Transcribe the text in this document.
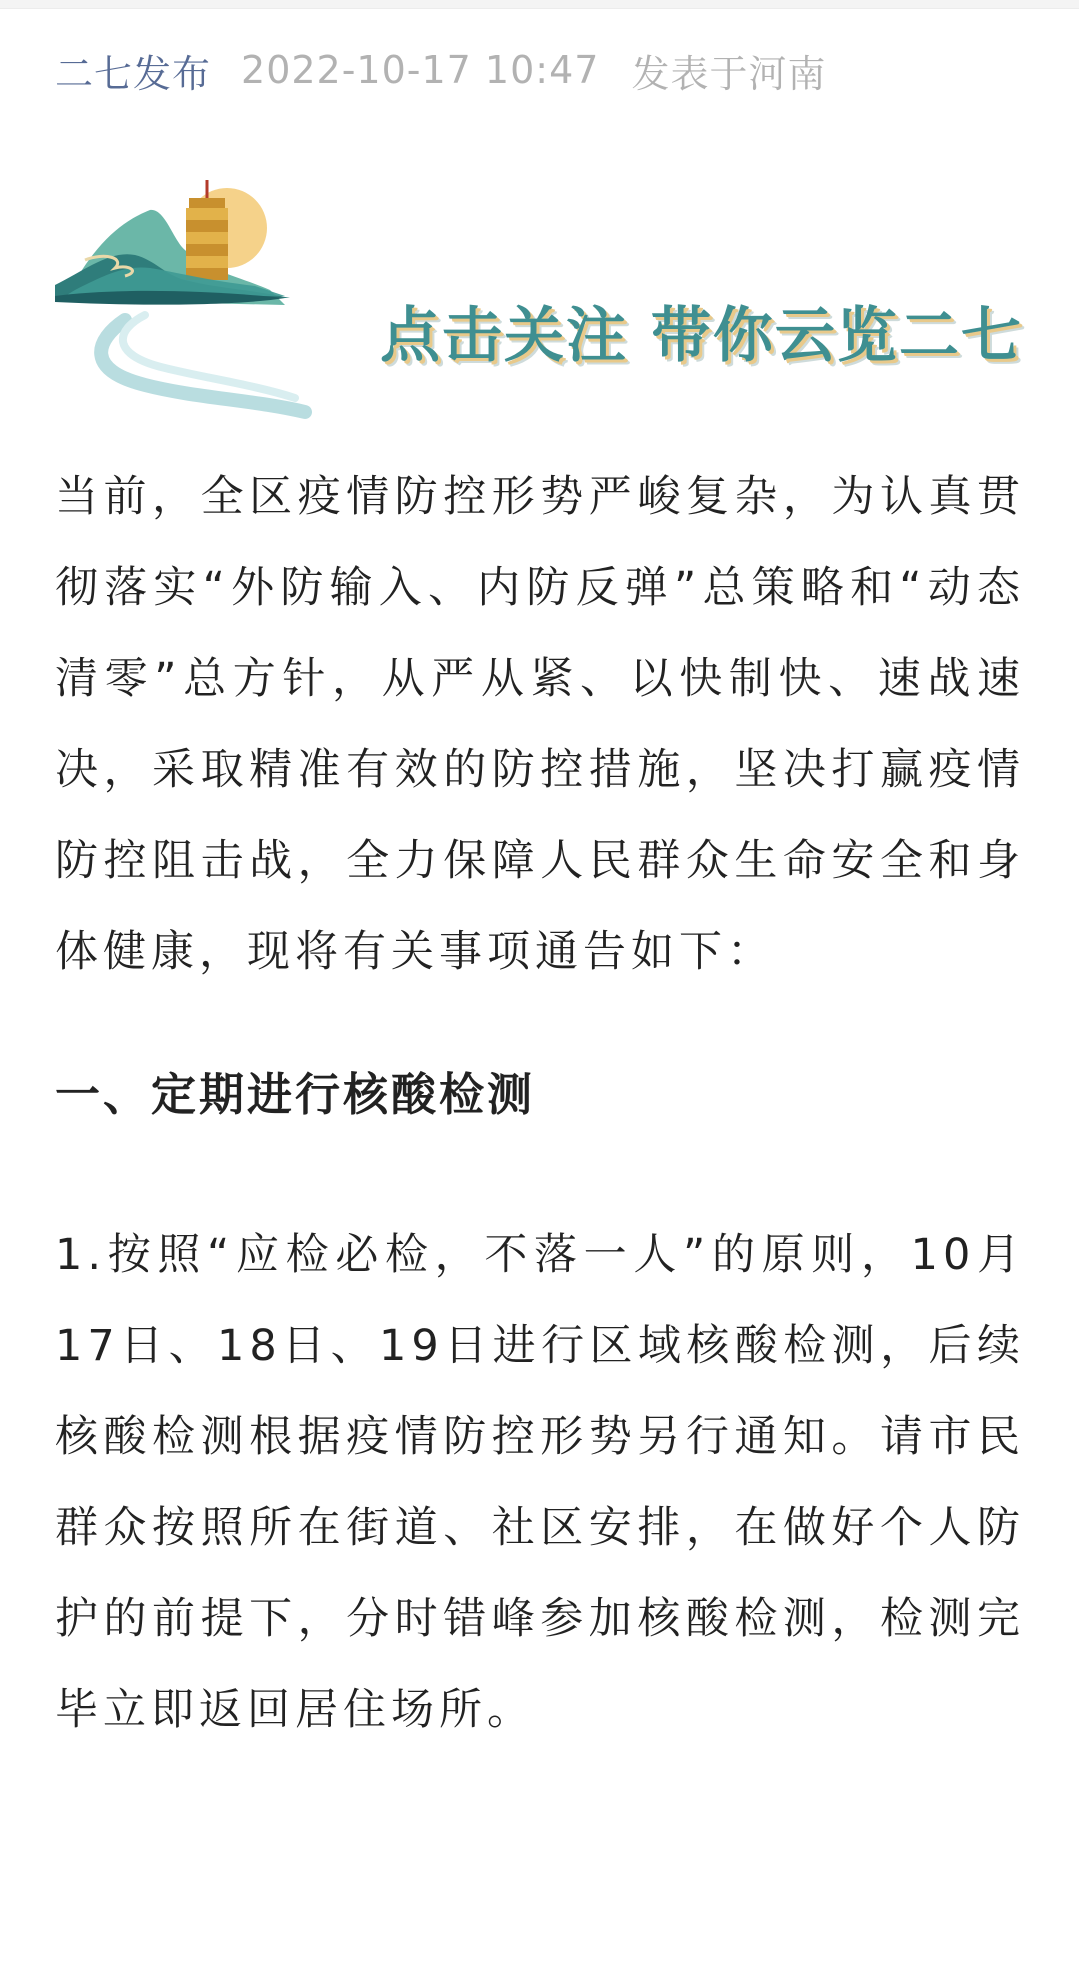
二七发布 2022-10-17 10:47 发表于河南
点击关注 带你云览二七

当前，全区疫情防控形势严峻复杂，为认真贯彻落实“外防输入、内防反弹”总策略和“动态清零”总方针，从严从紧、以快制快、速战速决，采取精准有效的防控措施，坚决打赢疫情防控阻击战，全力保障人民群众生命安全和身体健康，现将有关事项通告如下：

一、定期进行核酸检测

1.按照“应检必检，不落一人”的原则，10月17日、18日、19日进行区域核酸检测，后续核酸检测根据疫情防控形势另行通知。请市民群众按照所在街道、社区安排，在做好个人防护的前提下，分时错峰参加核酸检测，检测完毕立即返回居住场所。
